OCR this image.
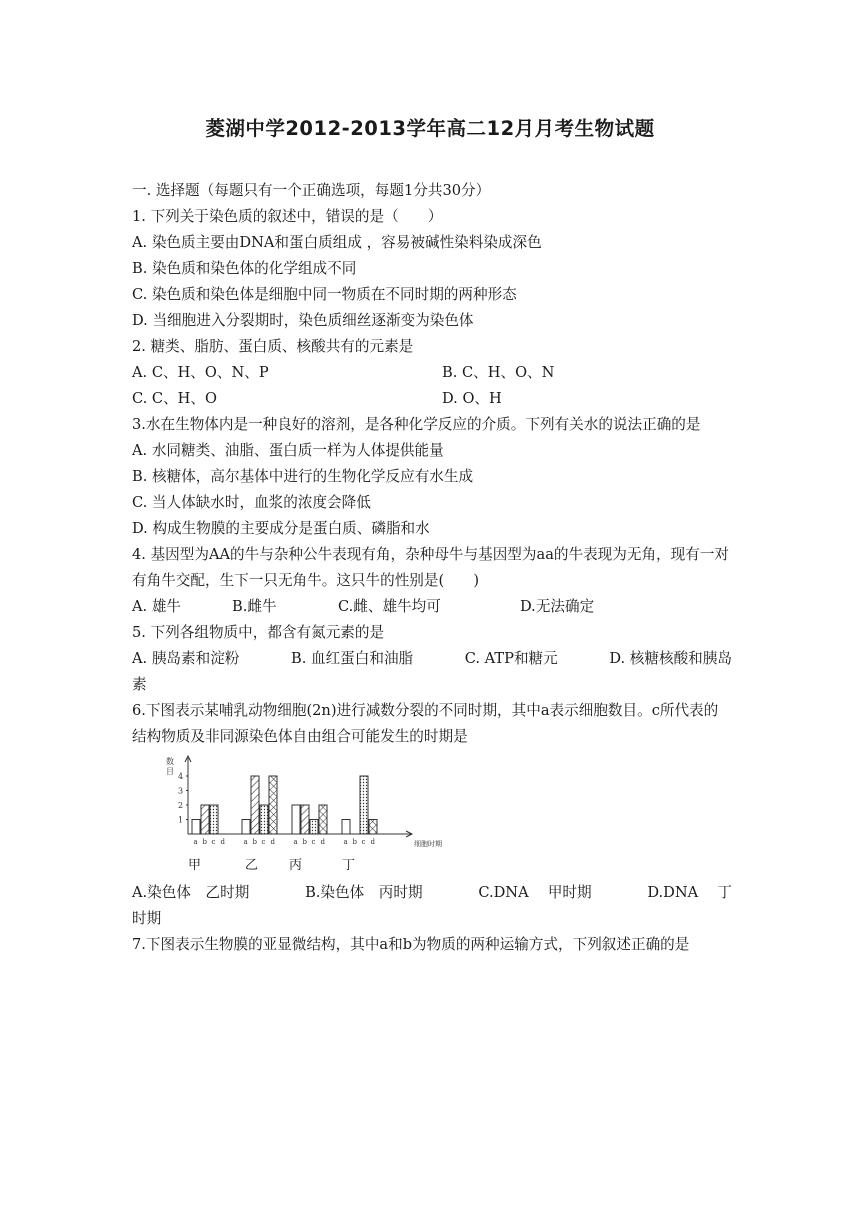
菱湖中学2012-2013学年高二12月月考生物试题
一. 选择题（每题只有一个正确选项，每题1分共30分）
1. 下列关于染色质的叙述中，错误的是（　　）
A. 染色质主要由DNA和蛋白质组成 ，容易被碱性染料染成深色
B. 染色质和染色体的化学组成不同
C. 染色质和染色体是细胞中同一物质在不同时期的两种形态
D. 当细胞进入分裂期时，染色质细丝逐渐变为染色体
2. 糖类、脂肪、蛋白质、核酸共有的元素是
A. C、H、O、N、P	B. C、H、O、N
C. C、H、O	D. O、H
3.水在生物体内是一种良好的溶剂，是各种化学反应的介质。下列有关水的说法正确的是
A. 水同糖类、油脂、蛋白质一样为人体提供能量
B. 核糖体，高尔基体中进行的生物化学反应有水生成
C. 当人体缺水时，血浆的浓度会降低
D. 构成生物膜的主要成分是蛋白质、磷脂和水
4. 基因型为AA的牛与杂种公牛表现有角，杂种母牛与基因型为aa的牛表现为无角，现有一对有角牛交配，生下一只无角牛。这只牛的性别是(　　)
A. 雄牛	B.雌牛	C.雌、雄牛均可	D.无法确定
5. 下列各组物质中，都含有氮元素的是
A. 胰岛素和淀粉	B. 血红蛋白和油脂	C. ATP和糖元	D. 核糖核酸和胰岛
素
6.下图表示某哺乳动物细胞(2n)进行减数分裂的不同时期，其中a表示细胞数目。c所代表的结构物质及非同源染色体自由组合可能发生的时期是
数
目
1
2
3
4
细胞时期
a b c d	a b c d	a b c d	a b c d
甲	乙 丙	丁
A.染色体　乙时期	B.染色体　丙时期	C.DNA　 甲时期	D.DNA　 丁
时期
7.下图表示生物膜的亚显微结构，其中a和b为物质的两种运输方式，下列叙述正确的是
